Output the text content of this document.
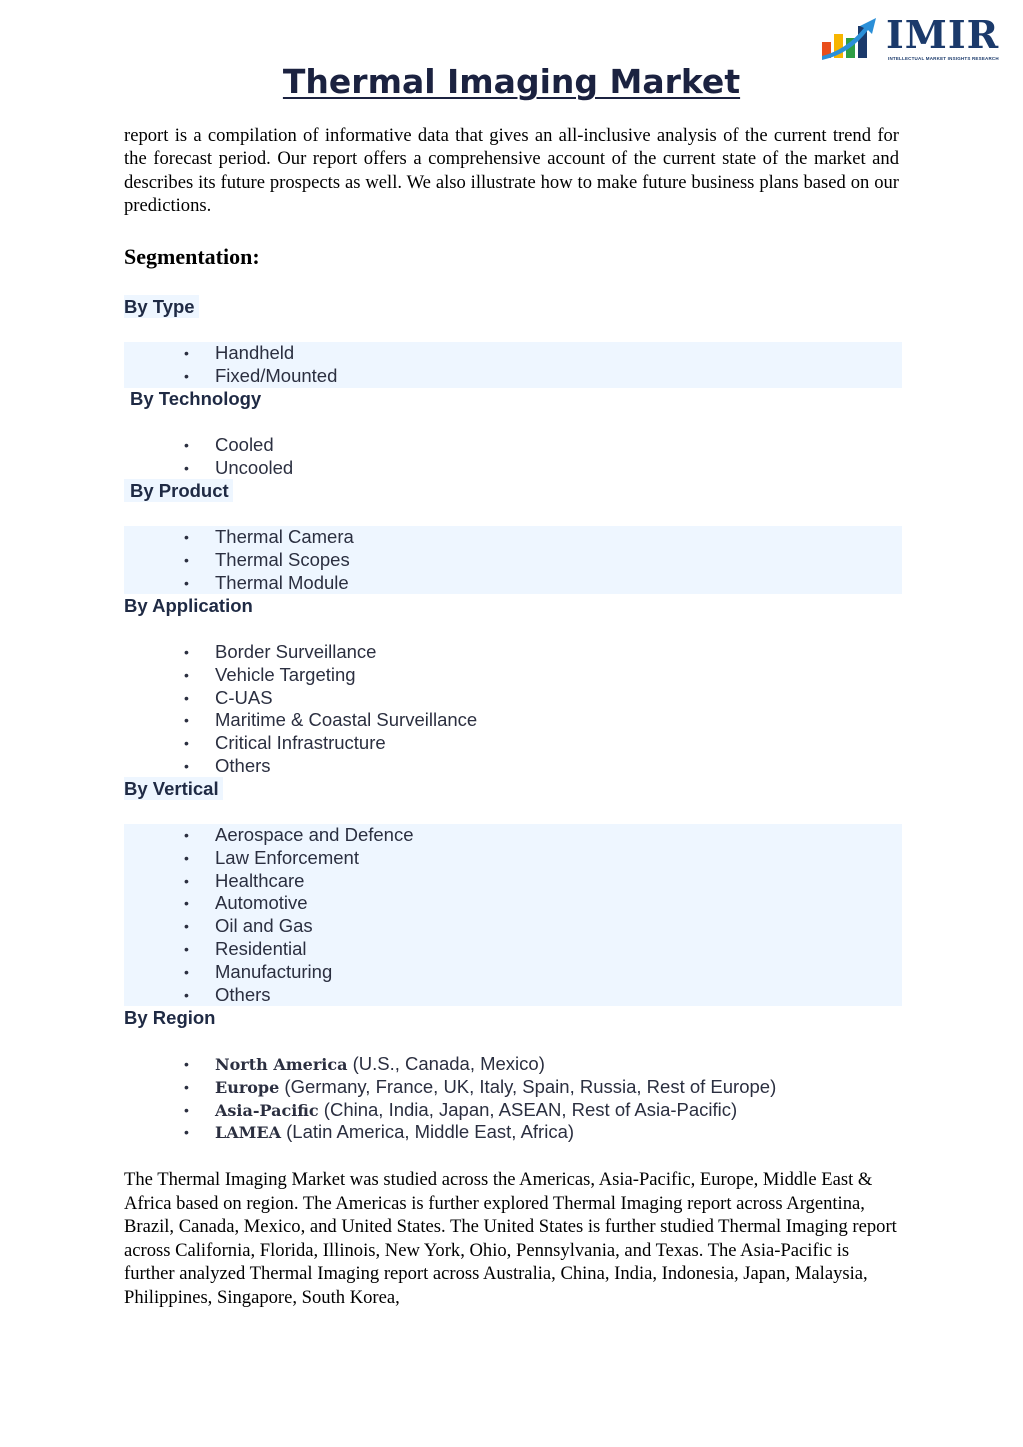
IMIR
INTELLECTUAL MARKET INSIGHTS RESEARCH
Thermal Imaging Market

report is a compilation of informative data that gives an all-inclusive analysis of the current trend for the forecast period. Our report offers a comprehensive account of the current state of the market and describes its future prospects as well. We also illustrate how to make future business plans based on our predictions.

Segmentation:
By Type
• Handheld
• Fixed/Mounted
By Technology
• Cooled
• Uncooled
By Product
• Thermal Camera
• Thermal Scopes
• Thermal Module
By Application
• Border Surveillance
• Vehicle Targeting
• C-UAS
• Maritime & Coastal Surveillance
• Critical Infrastructure
• Others
By Vertical
• Aerospace and Defence
• Law Enforcement
• Healthcare
• Automotive
• Oil and Gas
• Residential
• Manufacturing
• Others
By Region
• North America (U.S., Canada, Mexico)
• Europe (Germany, France, UK, Italy, Spain, Russia, Rest of Europe)
• Asia-Pacific (China, India, Japan, ASEAN, Rest of Asia-Pacific)
• LAMEA (Latin America, Middle East, Africa)

The Thermal Imaging Market was studied across the Americas, Asia-Pacific, Europe, Middle East & Africa based on region. The Americas is further explored Thermal Imaging report across Argentina, Brazil, Canada, Mexico, and United States. The United States is further studied Thermal Imaging report across California, Florida, Illinois, New York, Ohio, Pennsylvania, and Texas. The Asia-Pacific is further analyzed Thermal Imaging report across Australia, China, India, Indonesia, Japan, Malaysia, Philippines, Singapore, South Korea,
